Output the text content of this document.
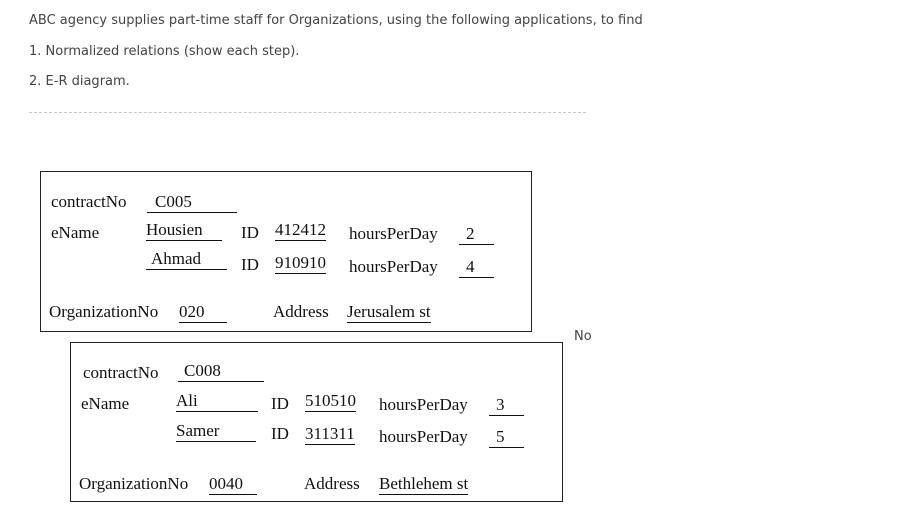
ABC agency supplies part-time staff for Organizations, using the following applications, to find
1. Normalized relations (show each step).
2. E-R diagram.
No
contractNo	C005
eName	Housien	ID 412412 hoursPerDay	2
Ahmad	ID 910910 hoursPerDay	4
OrganizationNo 020	Address Jerusalem st
contractNo	C008
eName	Ali	ID 510510 hoursPerDay	3
Samer	ID 311311 hoursPerDay	5
OrganizationNo 0040	Address Bethlehem st
